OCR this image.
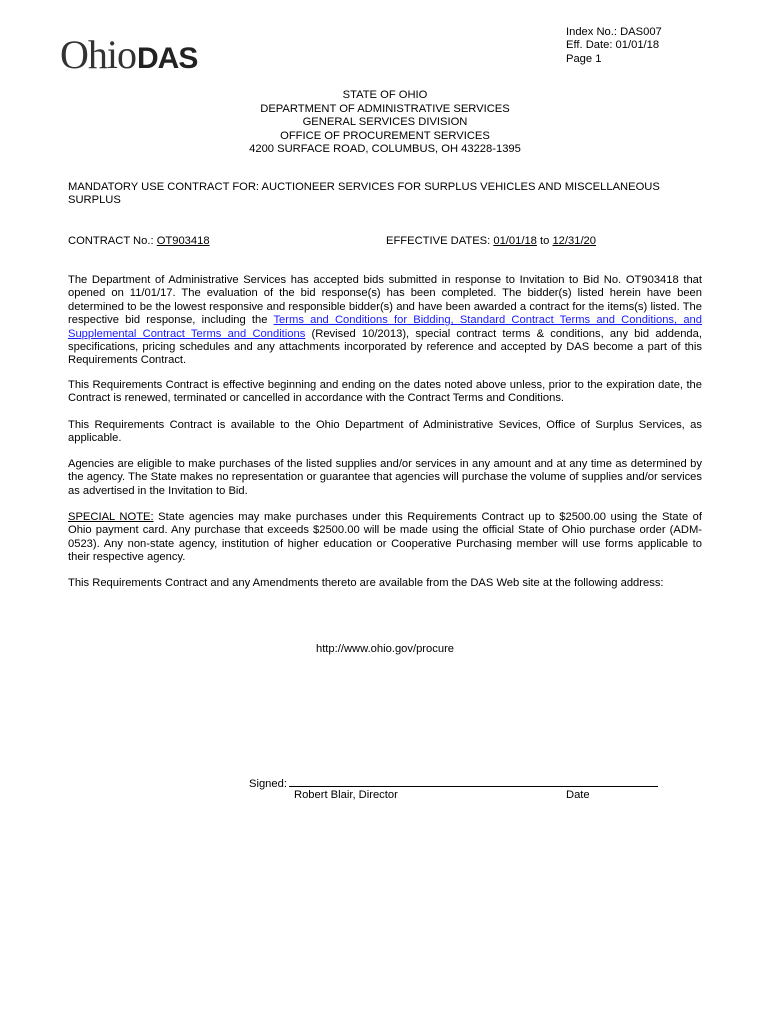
OhioDAS
Index No.: DAS007
Eff. Date: 01/01/18
Page 1
STATE OF OHIO
DEPARTMENT OF ADMINISTRATIVE SERVICES
GENERAL SERVICES DIVISION
OFFICE OF PROCUREMENT SERVICES
4200 SURFACE ROAD, COLUMBUS, OH 43228-1395
MANDATORY USE CONTRACT FOR: AUCTIONEER SERVICES FOR SURPLUS VEHICLES AND MISCELLANEOUS SURPLUS
CONTRACT No.: OT903418	EFFECTIVE DATES: 01/01/18 to 12/31/20
The Department of Administrative Services has accepted bids submitted in response to Invitation to Bid No. OT903418 that opened on 11/01/17. The evaluation of the bid response(s) has been completed. The bidder(s) listed herein have been determined to be the lowest responsive and responsible bidder(s) and have been awarded a contract for the items(s) listed. The respective bid response, including the Terms and Conditions for Bidding, Standard Contract Terms and Conditions, and Supplemental Contract Terms and Conditions (Revised 10/2013), special contract terms & conditions, any bid addenda, specifications, pricing schedules and any attachments incorporated by reference and accepted by DAS become a part of this Requirements Contract.
This Requirements Contract is effective beginning and ending on the dates noted above unless, prior to the expiration date, the Contract is renewed, terminated or cancelled in accordance with the Contract Terms and Conditions.
This Requirements Contract is available to the Ohio Department of Administrative Sevices, Office of Surplus Services, as applicable.
Agencies are eligible to make purchases of the listed supplies and/or services in any amount and at any time as determined by the agency. The State makes no representation or guarantee that agencies will purchase the volume of supplies and/or services as advertised in the Invitation to Bid.
SPECIAL NOTE: State agencies may make purchases under this Requirements Contract up to $2500.00 using the State of Ohio payment card. Any purchase that exceeds $2500.00 will be made using the official State of Ohio purchase order (ADM-0523). Any non-state agency, institution of higher education or Cooperative Purchasing member will use forms applicable to their respective agency.
This Requirements Contract and any Amendments thereto are available from the DAS Web site at the following address:
http://www.ohio.gov/procure
Signed:
Robert Blair, Director	Date
